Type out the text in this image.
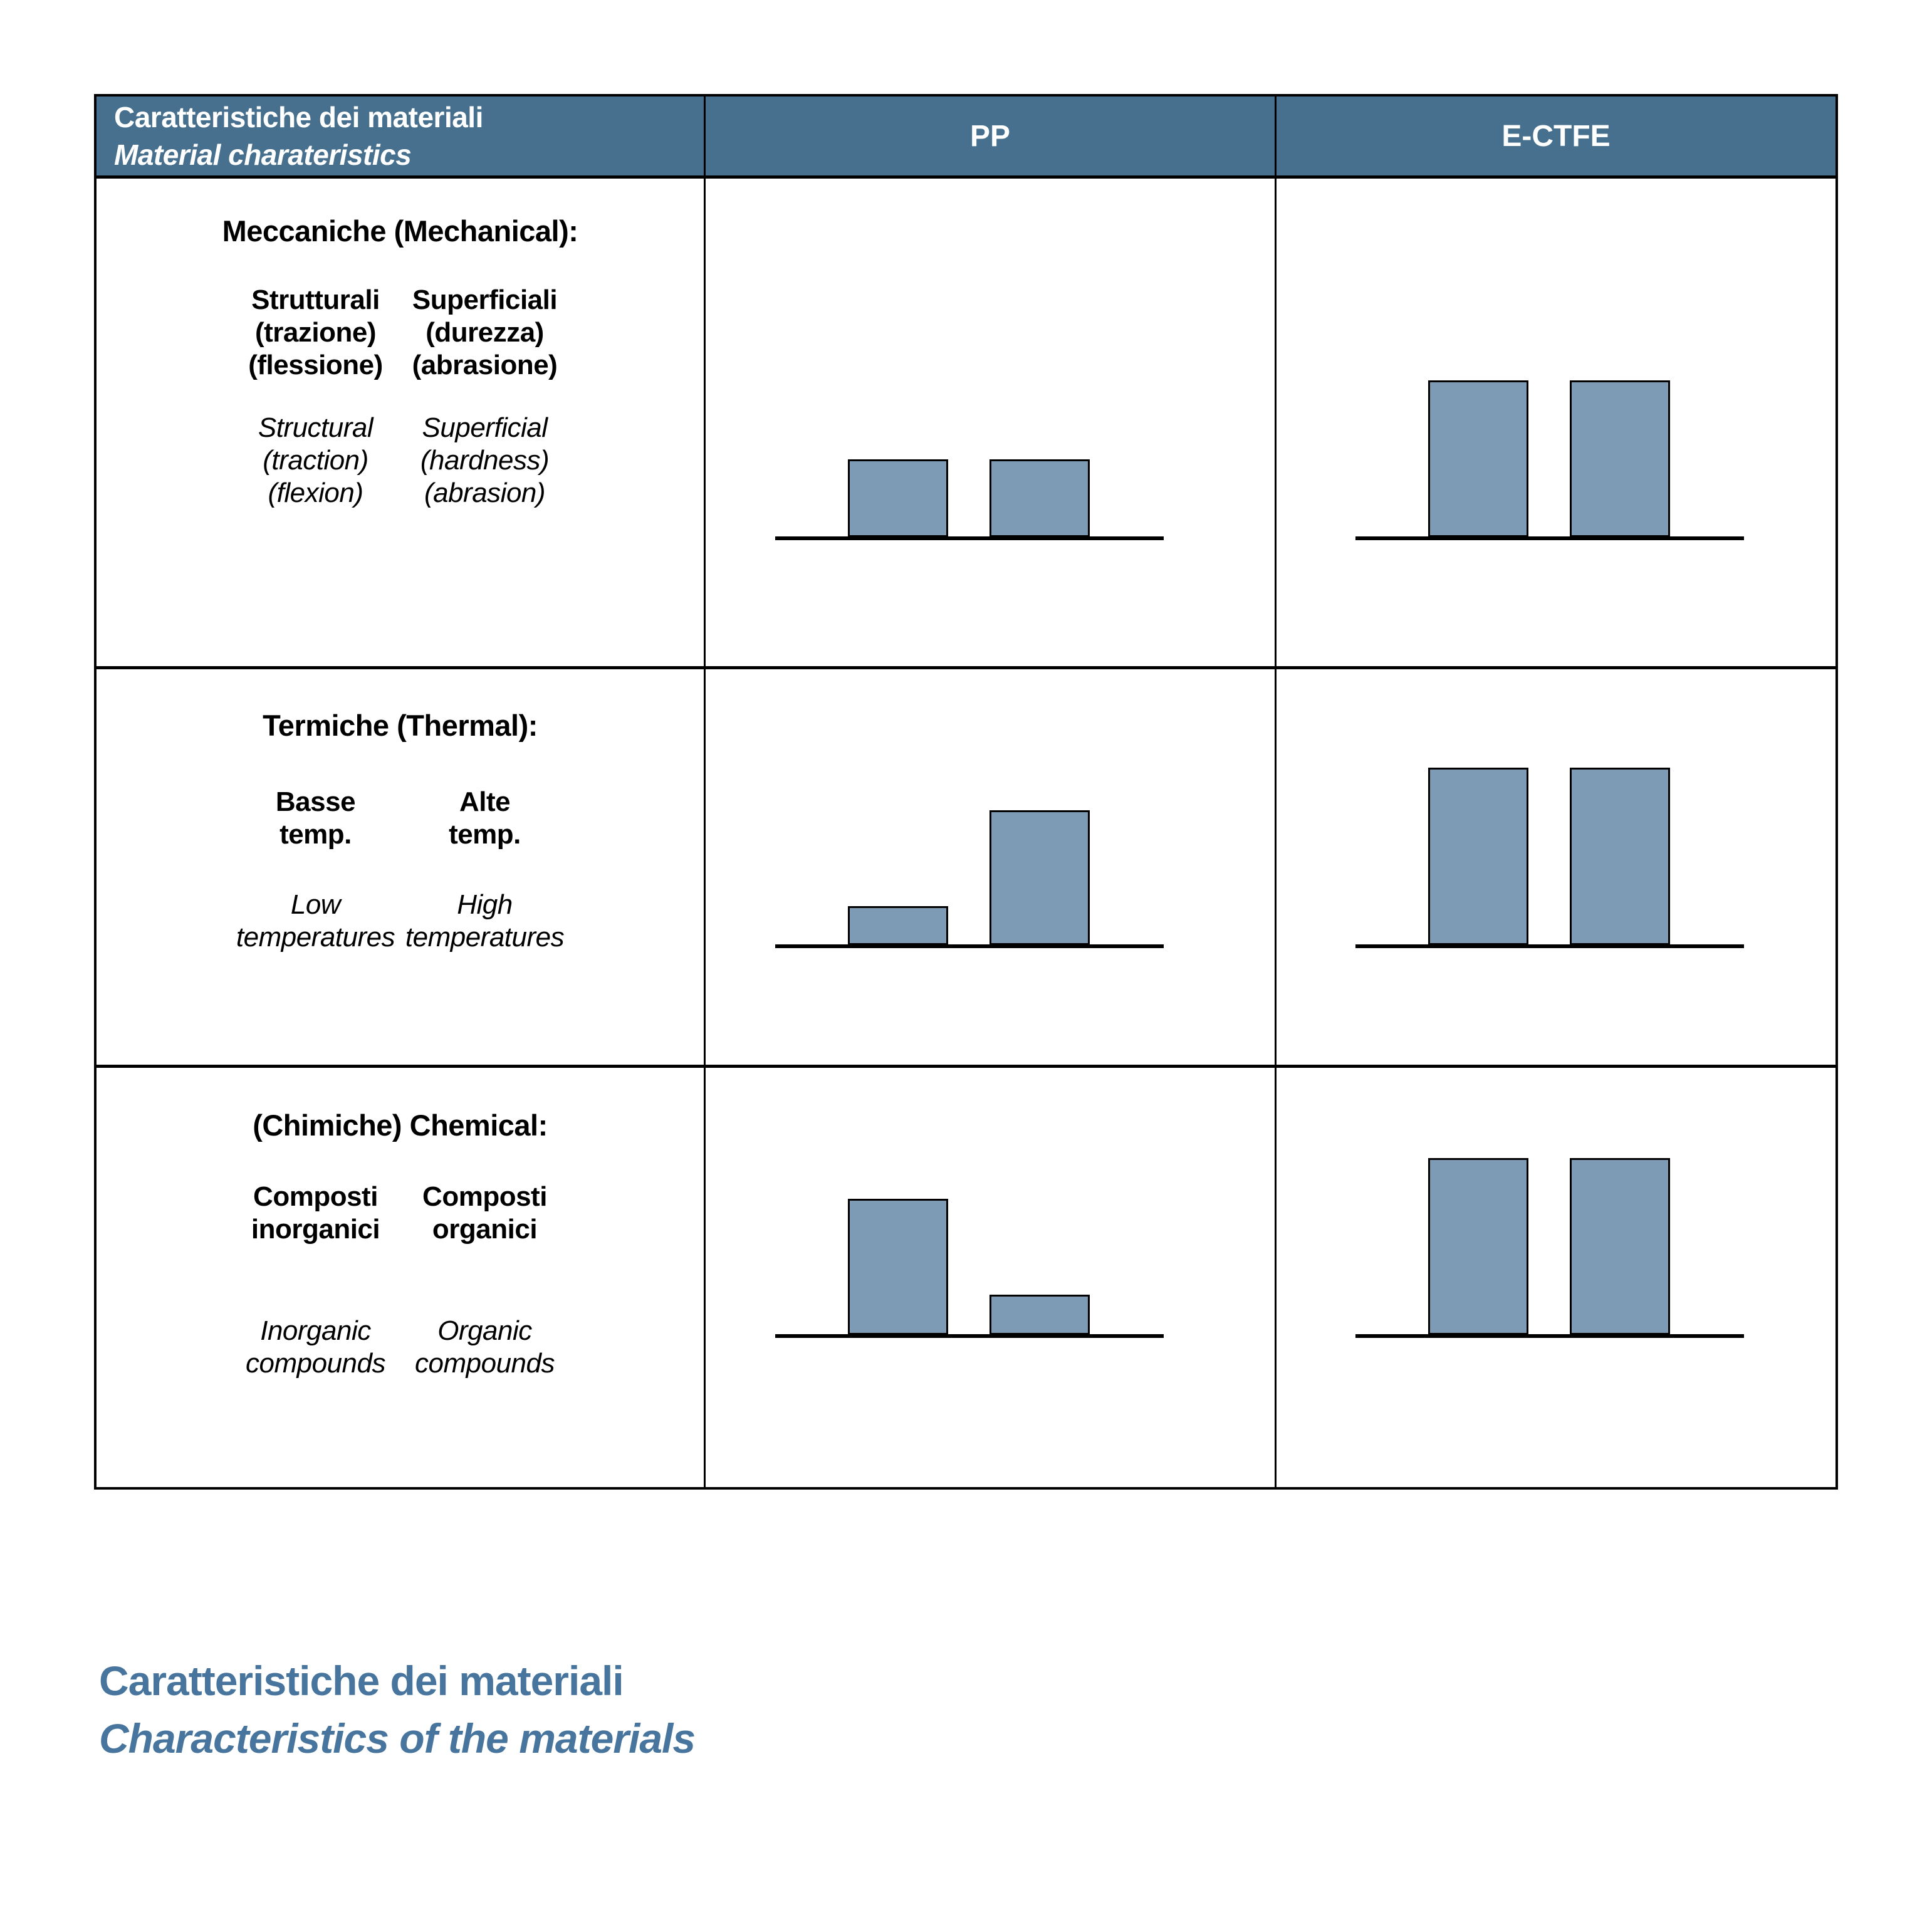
Caratteristiche dei materiali
Material charateristics
PP	E-CTFE
Meccaniche (Mechanical):
Strutturali
(trazione)
(flessione)
Superficiali
(durezza)
(abrasione)
Structural
(traction)
(flexion)
Superficial
(hardness)
(abrasion)
Termiche (Thermal):
Basse
temp.
Alte
temp.
Low
temperatures
High
temperatures
(Chimiche) Chemical:
Composti
inorganici
Composti
organici
Inorganic
compounds
Organic
compounds
Caratteristiche dei materiali
Characteristics of the materials
